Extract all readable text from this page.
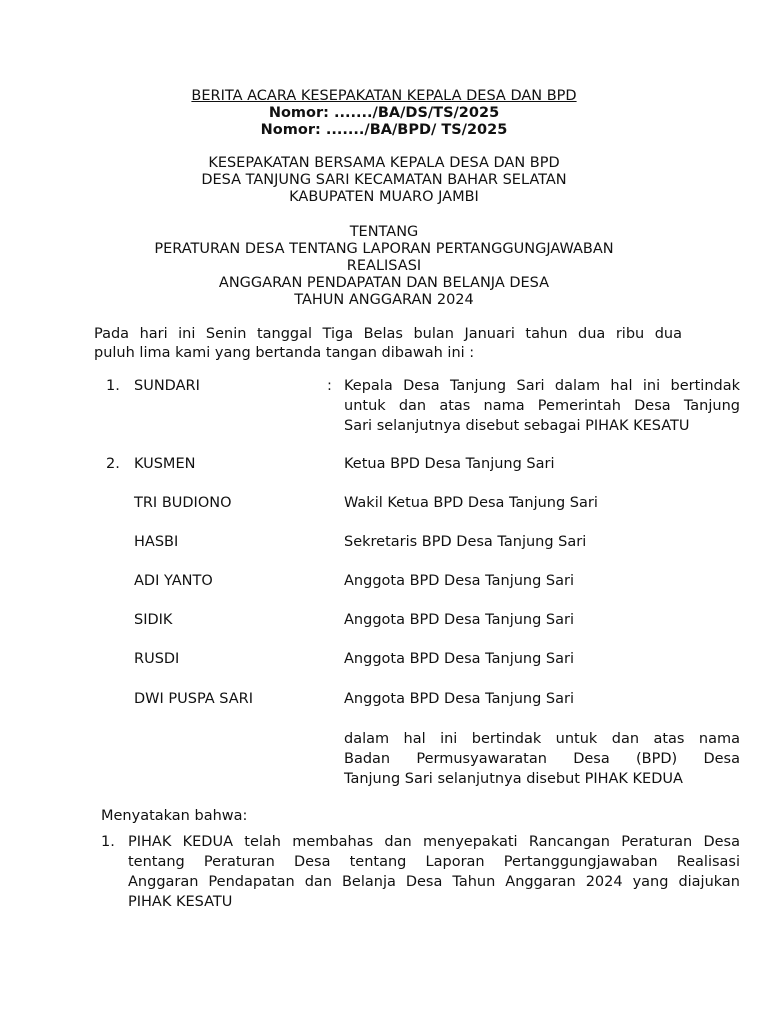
BERITA ACARA KESEPAKATAN KEPALA DESA DAN BPD
Nomor: ......./BA/DS/TS/2025
Nomor: ......./BA/BPD/ TS/2025
KESEPAKATAN BERSAMA KEPALA DESA DAN BPD
DESA TANJUNG SARI KECAMATAN BAHAR SELATAN
KABUPATEN MUARO JAMBI
TENTANG
PERATURAN DESA TENTANG LAPORAN PERTANGGUNGJAWABAN
REALISASI
ANGGARAN PENDAPATAN DAN BELANJA DESA
TAHUN ANGGARAN 2024
Pada hari ini Senin tanggal Tiga Belas bulan Januari tahun dua ribu dua
puluh lima kami yang bertanda tangan dibawah ini :
1. SUNDARI	: Kepala Desa Tanjung Sari dalam hal ini bertindak
untuk dan atas nama Pemerintah Desa Tanjung
Sari selanjutnya disebut sebagai PIHAK KESATU
2. KUSMEN	Ketua BPD Desa Tanjung Sari
TRI BUDIONO	Wakil Ketua BPD Desa Tanjung Sari
HASBI	Sekretaris BPD Desa Tanjung Sari
ADI YANTO	Anggota BPD Desa Tanjung Sari
SIDIK	Anggota BPD Desa Tanjung Sari
RUSDI	Anggota BPD Desa Tanjung Sari
DWI PUSPA SARI	Anggota BPD Desa Tanjung Sari
dalam hal ini bertindak untuk dan atas nama
Badan Permusyawaratan Desa (BPD) Desa
Tanjung Sari selanjutnya disebut PIHAK KEDUA
Menyatakan bahwa:
1. PIHAK KEDUA telah membahas dan menyepakati Rancangan Peraturan Desa
tentang Peraturan Desa tentang Laporan Pertanggungjawaban Realisasi
Anggaran Pendapatan dan Belanja Desa Tahun Anggaran 2024 yang diajukan
PIHAK KESATU
